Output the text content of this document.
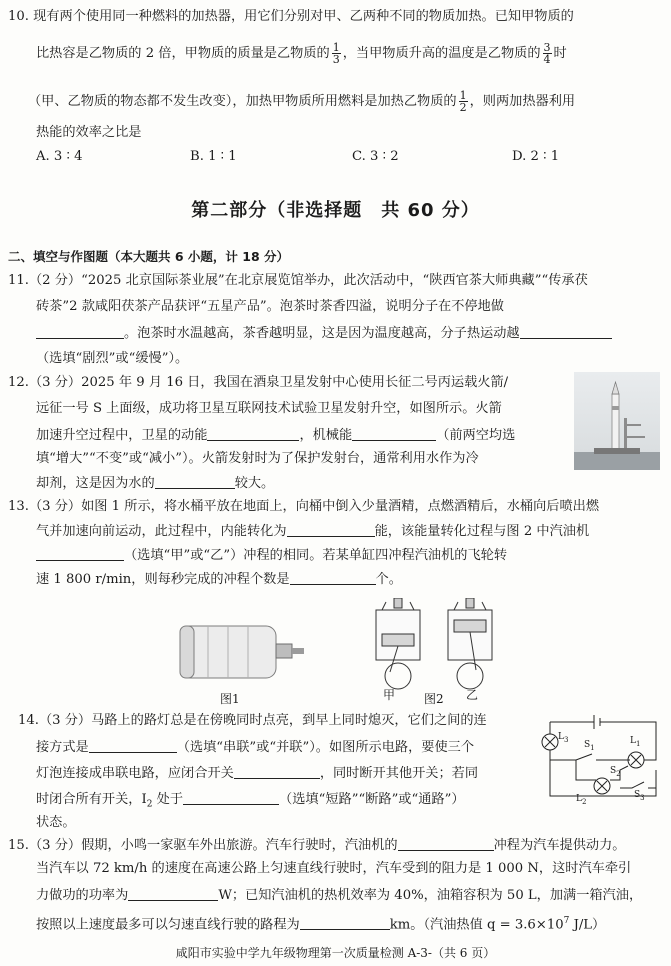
10. 现有两个使用同一种燃料的加热器，用它们分别对甲、乙两种不同的物质加热。已知甲物质的
比热容是乙物质的 2 倍，甲物质的质量是乙物质的 $\frac{1}{3}$ ，当甲物质升高的温度是乙物质的 $\frac{3}{4}$ 时
（甲、乙物质的物态都不发生改变），加热甲物质所用燃料是加热乙物质的 $\frac{1}{2}$ ，则两加热器利用
热能的效率之比是
A. 3 ∶ 4	B. 1 ∶ 1	C. 3 ∶ 2	D. 2 ∶ 1
第二部分（非选择题　共 60 分）
二、填空与作图题（本大题共 6 小题，计 18 分）
11.（2 分）“2025 北京国际茶业展”在北京展览馆举办，此次活动中，“陕西官茶大师典藏”“传承茯
砖茶”2 款咸阳茯茶产品获评“五星产品”。泡茶时茶香四溢，说明分子在不停地做
。泡茶时水温越高，茶香越明显，这是因为温度越高，分子热运动越
（选填“剧烈”或“缓慢”）。
12.（3 分）2025 年 9 月 16 日，我国在酒泉卫星发射中心使用长征二号丙运载火箭/
远征一号 S 上面级，成功将卫星互联网技术试验卫星发射升空，如图所示。火箭
加速升空过程中，卫星的动能	，机械能	（前两空均选
填“增大”“不变”或“减小”）。火箭发射时为了保护发射台，通常利用水作为冷
却剂，这是因为水的	较大。
13.（3 分）如图 1 所示，将水桶平放在地面上，向桶中倒入少量酒精，点燃酒精后，水桶向后喷出燃
气并加速向前运动，此过程中，内能转化为	能，该能量转化过程与图 2 中汽油机
（选填“甲”或“乙”）冲程的相同。若某单缸四冲程汽油机的飞轮转
速 1 800 r/min，则每秒完成的冲程个数是	个。
图1	甲 图2 乙
14.（3 分）马路上的路灯总是在傍晚同时点亮，到早上同时熄灭，它们之间的连
接方式是	（选填“串联”或“并联”）。如图所示电路，要使三个
灯泡连接成串联电路，应闭合开关	，同时断开其他开关；若同
时闭合所有开关，$I_2$ 处于	（选填“短路”“断路”或“通路”）
状态。
$L_3$	$L_1$
$S_1$
$S_2$
$L_2$
$S_3$
15.（3 分）假期，小鸣一家驱车外出旅游。汽车行驶时，汽油机的	冲程为汽车提供动力。
当汽车以 72 km/h 的速度在高速公路上匀速直线行驶时，汽车受到的阻力是 1 000 N，这时汽车牵引
力做功的功率为	W；已知汽油机的热机效率为 40%，油箱容积为 50 L，加满一箱汽油，
按照以上速度最多可以匀速直线行驶的路程为	km。（汽油热值 $q = 3.6\times 10^7$ J/L）
咸阳市实验中学九年级物理第一次质量检测 A-3-（共 6 页）
